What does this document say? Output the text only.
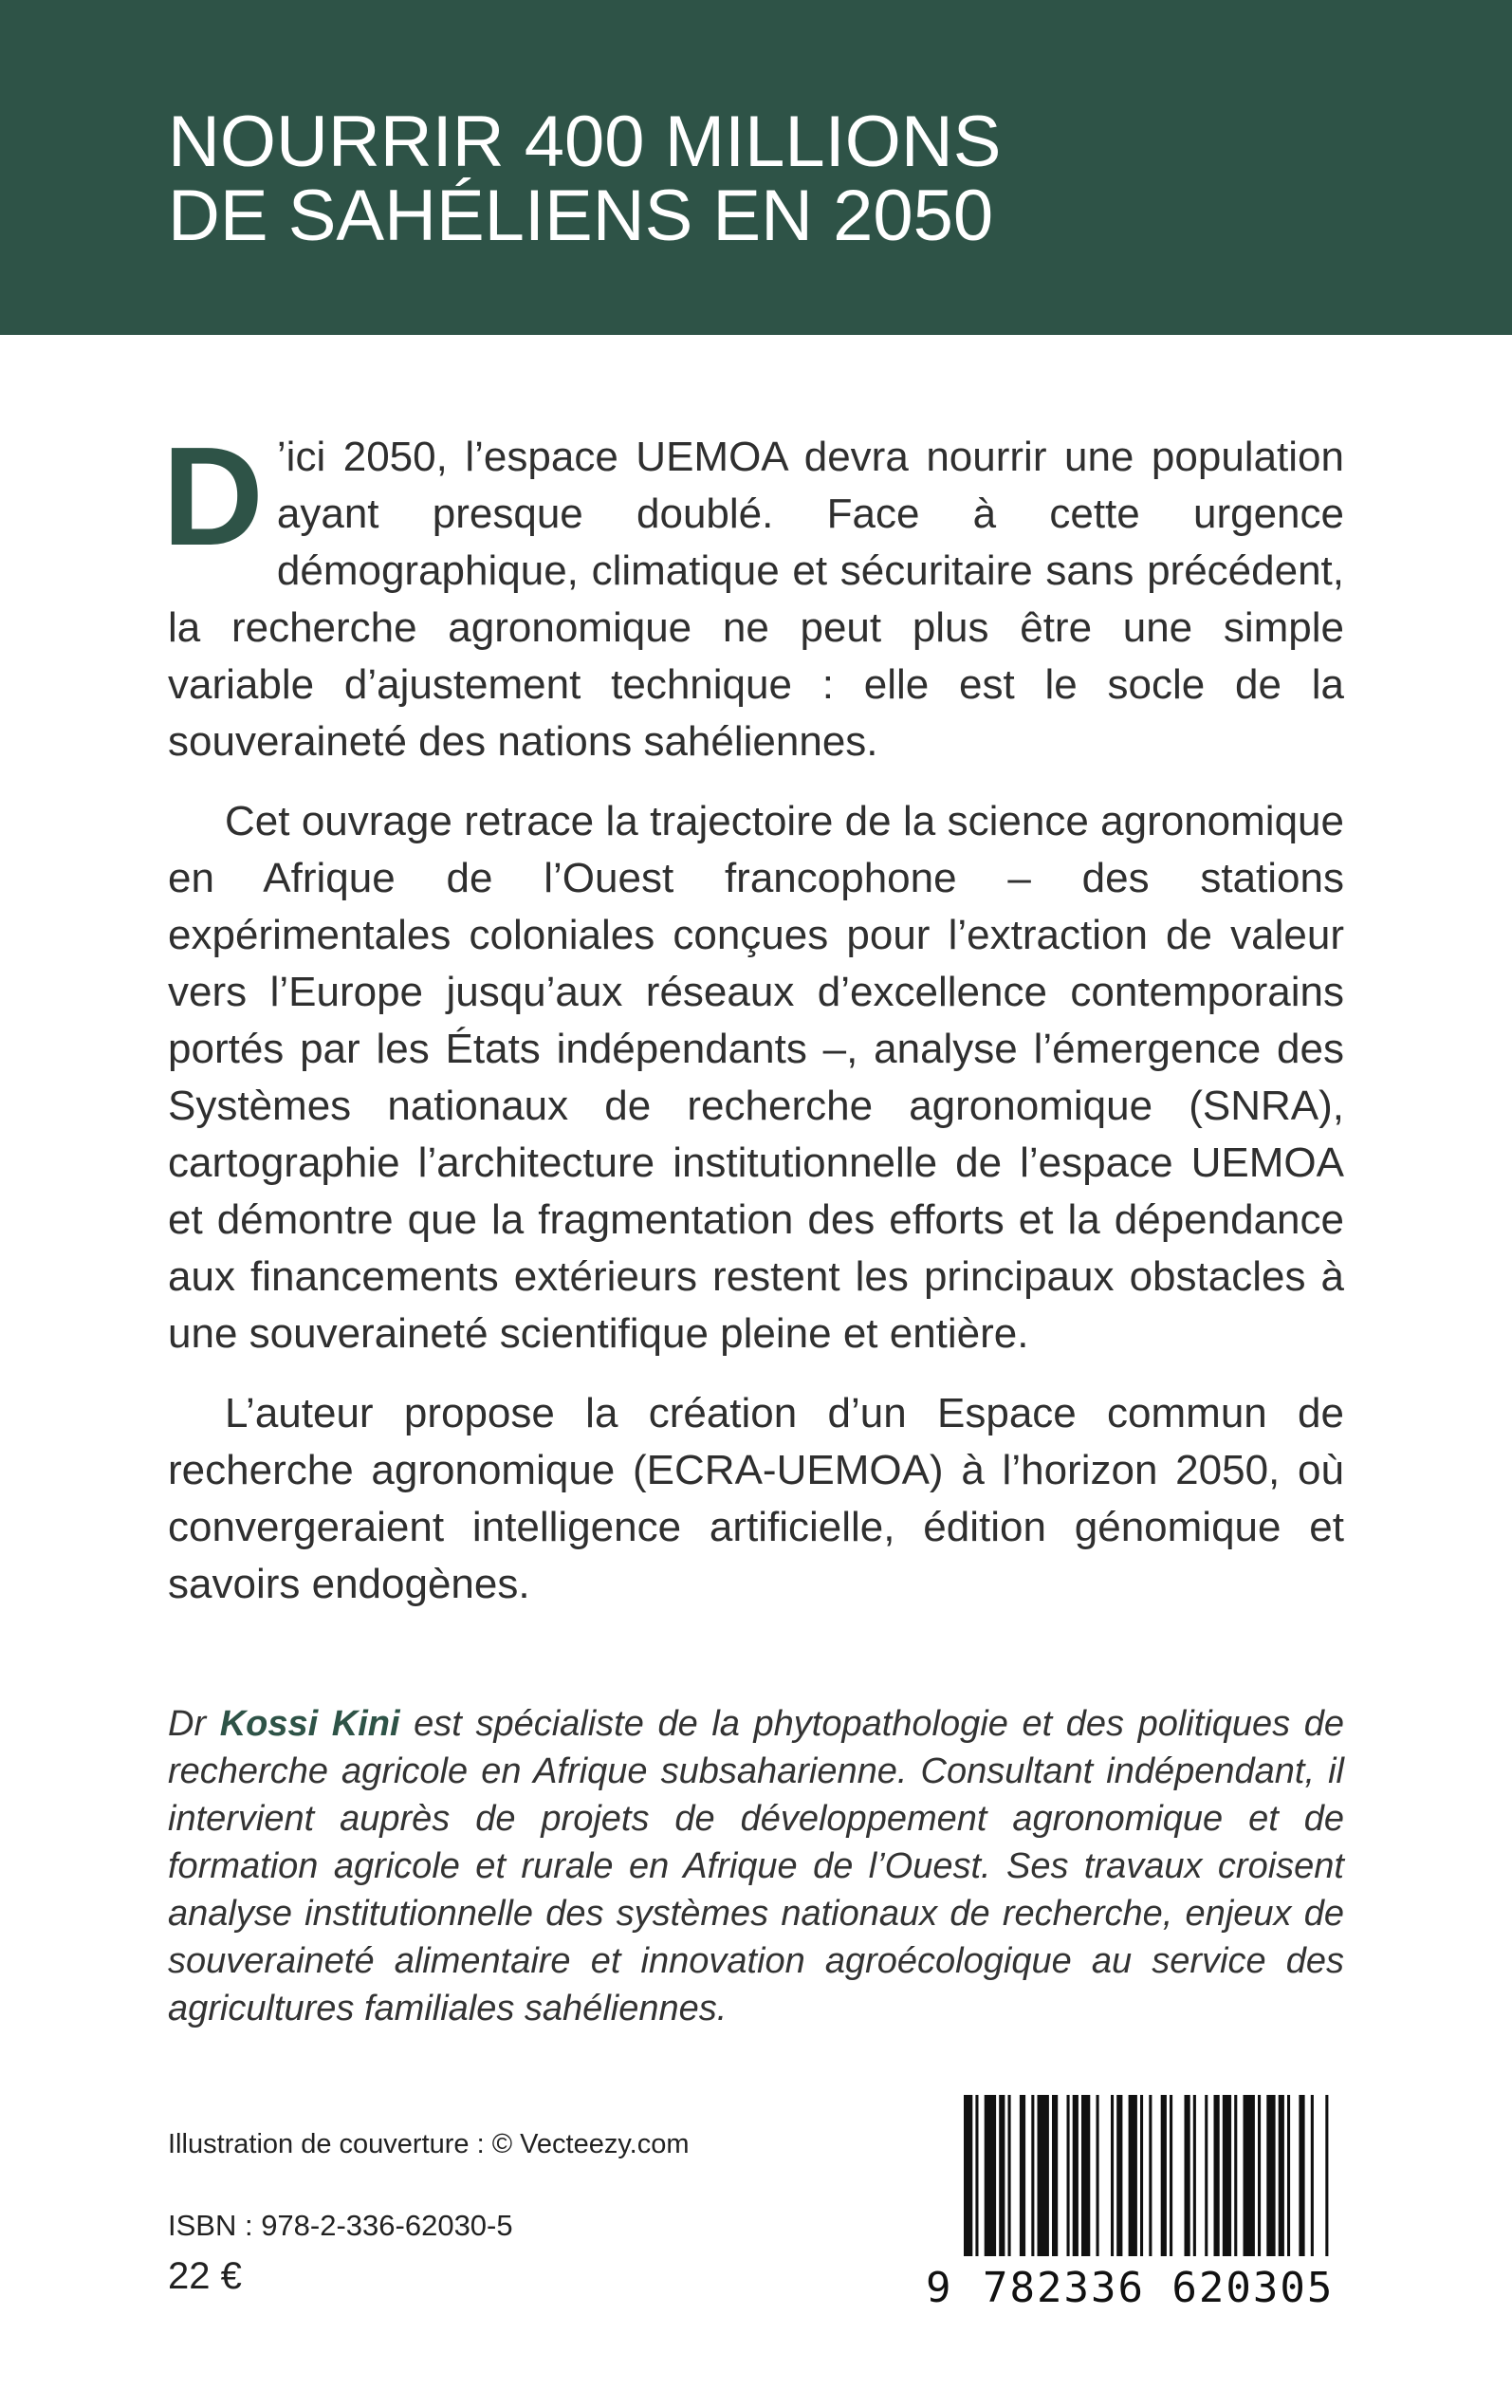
NOURRIR 400 MILLIONS
DE SAHÉLIENS EN 2050
D ’ici 2050, l’espace UEMOA devra nourrir une population ayant presque doublé. Face à cette urgence démographique, climatique et sécuritaire sans précédent, la recherche agronomique ne peut plus être une simple variable d’ajustement technique : elle est le socle de la souveraineté des nations sahéliennes.
Cet ouvrage retrace la trajectoire de la science agronomique en Afrique de l’Ouest francophone – des stations expérimentales coloniales conçues pour l’extraction de valeur vers l’Europe jusqu’aux réseaux d’excellence contemporains portés par les États indépendants –, analyse l’émergence des Systèmes nationaux de recherche agronomique (SNRA), cartographie l’architecture institutionnelle de l’espace UEMOA et démontre que la fragmentation des efforts et la dépendance aux financements extérieurs restent les principaux obstacles à une souveraineté scientifique pleine et entière.
L’auteur propose la création d’un Espace commun de recherche agronomique (ECRA-UEMOA) à l’horizon 2050, où convergeraient intelligence artificielle, édition génomique et savoirs endogènes.
Dr Kossi Kini est spécialiste de la phytopathologie et des politiques de recherche agricole en Afrique subsaharienne. Consultant indépendant, il intervient auprès de projets de développement agronomique et de formation agricole et rurale en Afrique de l’Ouest. Ses travaux croisent analyse institutionnelle des systèmes nationaux de recherche, enjeux de souveraineté alimentaire et innovation agroécologique au service des agricultures familiales sahéliennes.
Illustration de couverture : © Vecteezy.com
ISBN : 978-2-336-62030-5
22 €	9 782336 620305
